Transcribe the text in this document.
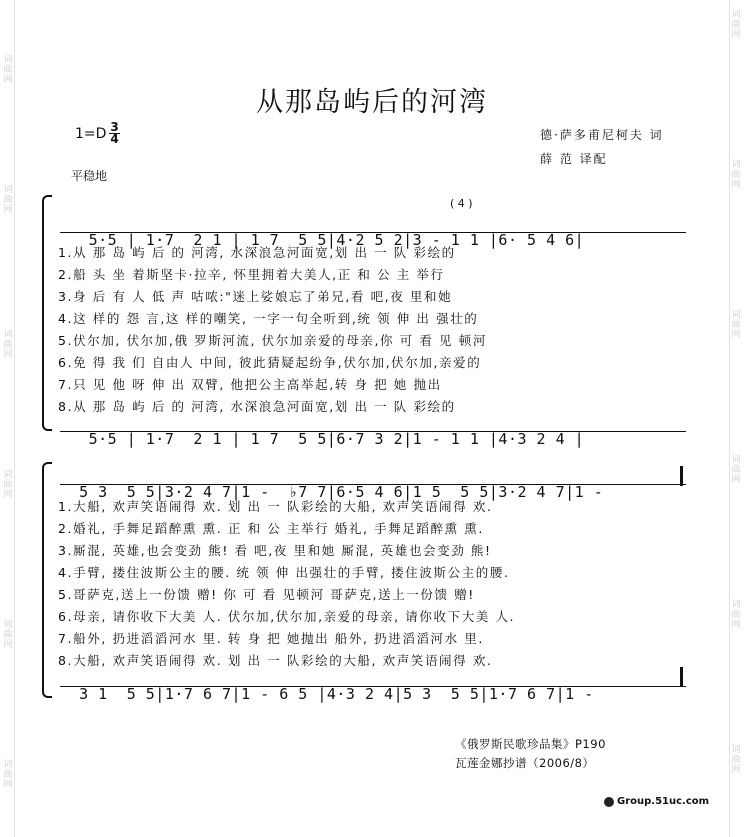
词
曲
网
词
曲
网
词
曲
网
词
曲
网
词
曲
网
词
曲
网
词
曲
网
词
曲
网
词
曲
网
词
曲
网
词
曲
网
词
曲
网
从那岛屿后的河湾
$1=D \frac{3}{4}$	德·萨多甫尼柯夫 词
薛 范 译配
平稳地
( 4 )

5·5 | 1·7  2 1 | 1 7  5 5|4·2 5 2|3 - 1 1 |6· 5 4 6|

1.从 那 岛 屿 后 的 河湾, 水深浪急河面宽,划 出 一 队 彩绘的
2.船 头 坐 着斯坚卡·拉辛, 怀里拥着大美人,正 和 公 主 举行
3.身 后 有 人 低 声 咕哝:"迷上娑娘忘了弟兄,看 吧,夜 里和她
4.这 样的 怨 言,这 样的嘲笑, 一字一句全听到,统 领 伸 出 强壮的
5.伏尔加, 伏尔加,俄 罗斯河流, 伏尔加亲爱的母亲,你 可 看 见 顿河
6.免 得 我 们 自由人 中间, 彼此猜疑起纷争,伏尔加,伏尔加,亲爱的
7.只 见 他 呀 伸 出 双臂, 他把公主高举起,转 身 把 她 抛出
8.从 那 岛 屿 后 的 河湾, 水深浪急河面宽,划 出 一 队 彩绘的

5·5 | 1·7  2 1 | 1 7  5 5|6·7 3 2|1 - 1 1 |4·3 2 4 |

5 3  5 5|3·2 4 7|1 -  ♭7 7|6·5 4 6|1 5  5 5|3·2 4 7|1 -

1.大船, 欢声笑语闹得 欢. 划 出 一 队彩绘的大船, 欢声笑语闹得 欢.
2.婚礼, 手舞足蹈醉熏 熏. 正 和 公 主举行 婚礼, 手舞足蹈醉熏 熏.
3.厮混, 英雄,也会变劲 熊! 看 吧,夜 里和她 厮混, 英雄也会变劲 熊!
4.手臂, 搂住波斯公主的腰. 统 领 伸 出强壮的手臂, 搂住波斯公主的腰.
5.哥萨克,送上一份馈 赠! 你 可 看 见顿河 哥萨克,送上一份馈 赠!
6.母亲, 请你收下大美 人. 伏尔加,伏尔加,亲爱的母亲, 请你收下大美 人.
7.船外, 扔进滔滔河水 里. 转 身 把 她抛出 船外, 扔进滔滔河水 里.
8.大船, 欢声笑语闹得 欢. 划 出 一 队彩绘的大船, 欢声笑语闹得 欢.

3 1  5 5|1·7 6 7|1 - 6 5 |4·3 2 4|5 3  5 5|1·7 6 7|1 -

《俄罗斯民歌珍品集》P190
瓦莲金娜抄谱（2006/8）
Group.51uc.com
